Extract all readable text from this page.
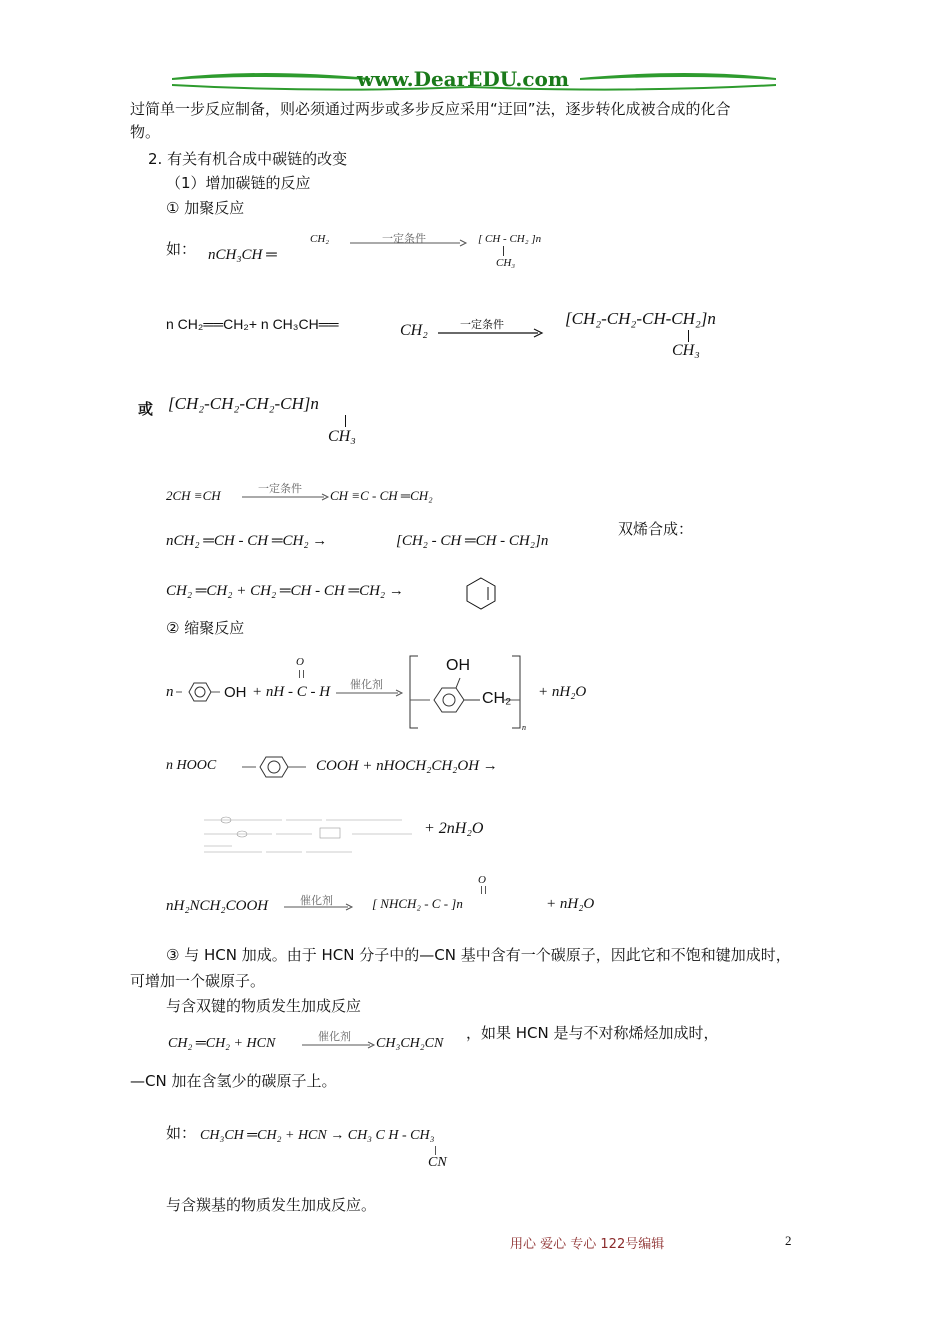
www.DearEDU.com
过简单一步反应制备，则必须通过两步或多步反应采用“迂回”法，逐步转化成被合成的化合
物。
2. 有关有机合成中碳链的改变
（1）增加碳链的反应
① 加聚反应
如： nCH₃CH ═
CH₂	一定条件	[ CH - CH₂ ]n
CH₃
n CH₂══CH₂+ n CH₃CH══	CH₂	一定条件	[CH₂-CH₂-CH-CH₂]n
CH₃
或 [CH₂-CH₂-CH₂-CH]n
CH₃
2CH ≡CH	一定条件 CH ≡C - CH ═CH₂
nCH₂ ═CH - CH ═CH₂ →	[CH₂ - CH ═CH - CH₂]n
双烯合成：
CH₂ ═CH₂ + CH₂ ═CH - CH ═CH₂ →
② 缩聚反应
n	OH + nH - C - H
O
催化剂
n
OH
CH₂ + nH₂O
n HOOC	COOH + nHOCH₂CH₂OH →
+ 2nH₂O
nH₂NCH₂COOH	催化剂	[ NHCH₂ - C - ]n
O
+ nH₂O
③ 与 HCN 加成。由于 HCN 分子中的—CN 基中含有一个碳原子，因此它和不饱和键加成时，
可增加一个碳原子。
与含双键的物质发生加成反应
CH₂ ═CH₂ + HCN	催化剂 CH₃CH₂CN
，如果 HCN 是与不对称烯烃加成时，
—CN 加在含氢少的碳原子上。
如： CH₃CH ═CH₂ + HCN → CH₃ C H - CH₃
CN
与含羰基的物质发生加成反应。
用心 爱心 专心 122号编辑	2
